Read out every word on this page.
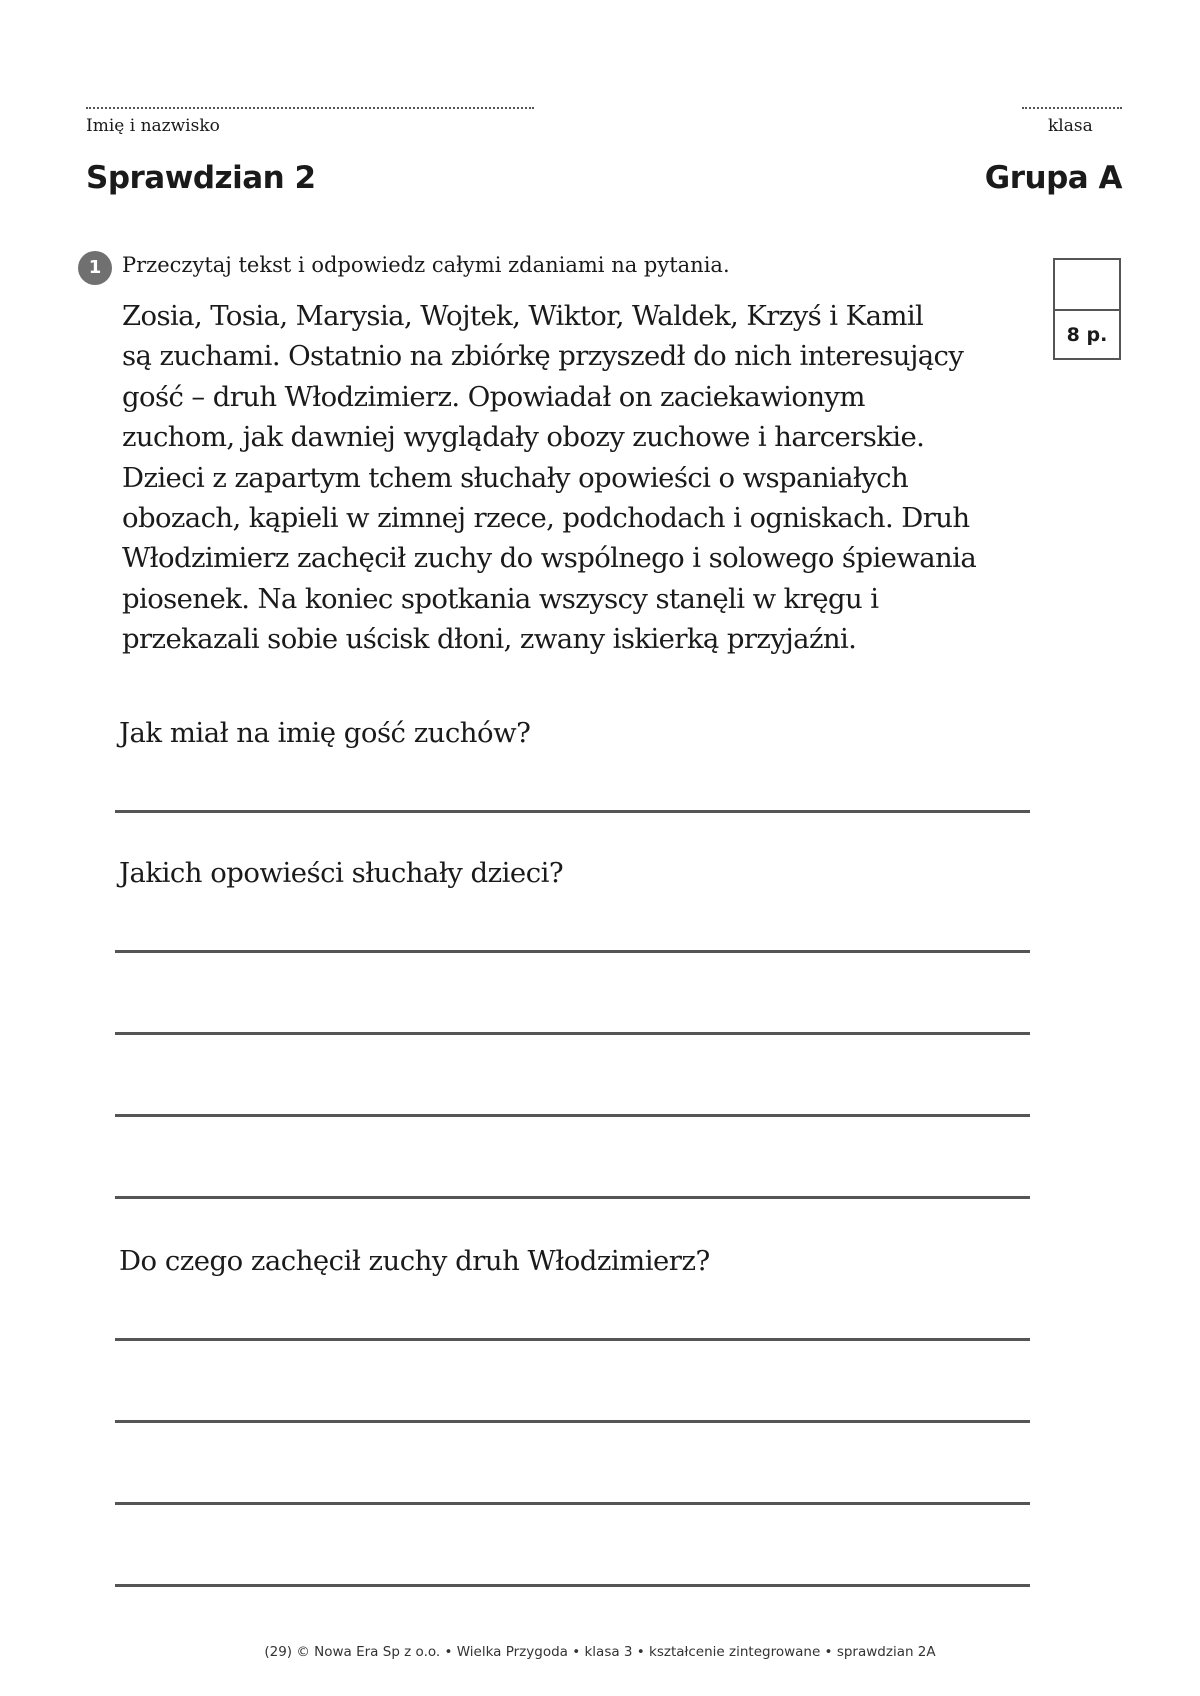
Imię i nazwisko	klasa
Sprawdzian 2	Grupa A
1 Przeczytaj tekst i odpowiedz całymi zdaniami na pytania.
8 p.
Zosia, Tosia, Marysia, Wojtek, Wiktor, Waldek, Krzyś i Kamil
są zuchami. Ostatnio na zbiórkę przyszedł do nich interesujący
gość – druh Włodzimierz. Opowiadał on zaciekawionym
zuchom, jak dawniej wyglądały obozy zuchowe i harcerskie.
Dzieci z zapartym tchem słuchały opowieści o wspaniałych
obozach, kąpieli w zimnej rzece, podchodach i ogniskach. Druh
Włodzimierz zachęcił zuchy do wspólnego i solowego śpiewania
piosenek. Na koniec spotkania wszyscy stanęli w kręgu i
przekazali sobie uścisk dłoni, zwany iskierką przyjaźni.
Jak miał na imię gość zuchów?
Jakich opowieści słuchały dzieci?
Do czego zachęcił zuchy druh Włodzimierz?
(29) © Nowa Era Sp z o.o. • Wielka Przygoda • klasa 3 • kształcenie zintegrowane • sprawdzian 2A
